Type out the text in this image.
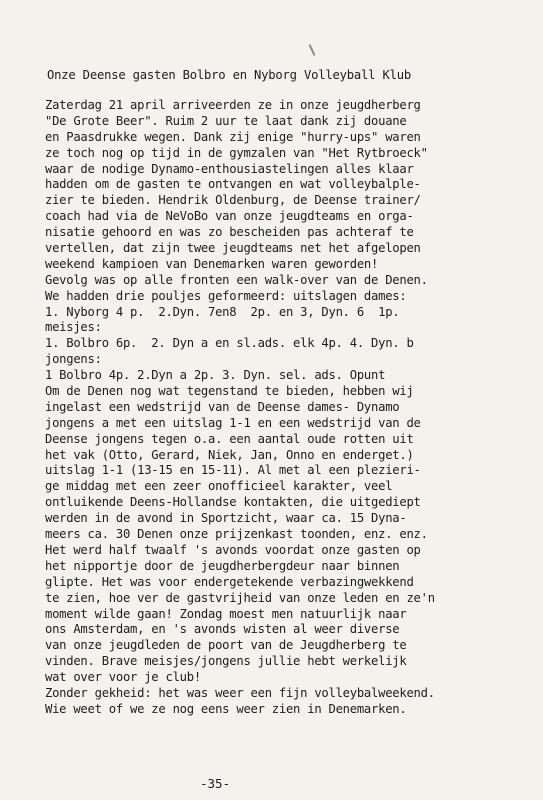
Onze Deense gasten Bolbro en Nyborg Volleyball Klub
Zaterdag 21 april arriveerden ze in onze jeugdherberg
"De Grote Beer". Ruim 2 uur te laat dank zij douane
en Paasdrukke wegen. Dank zij enige "hurry-ups" waren
ze toch nog op tijd in de gymzalen van "Het Rytbroeck"
waar de nodige Dynamo-enthousiastelingen alles klaar
hadden om de gasten te ontvangen en wat volleybalple-
zier te bieden. Hendrik Oldenburg, de Deense trainer/
coach had via de NeVoBo van onze jeugdteams en orga-
nisatie gehoord en was zo bescheiden pas achteraf te
vertellen, dat zijn twee jeugdteams net het afgelopen
weekend kampioen van Denemarken waren geworden!
Gevolg was op alle fronten een walk-over van de Denen.
We hadden drie pouljes geformeerd: uitslagen dames:
1. Nyborg 4 p.  2.Dyn. 7en8  2p. en 3, Dyn. 6  1p.
meisjes:
1. Bolbro 6p.  2. Dyn a en sl.ads. elk 4p. 4. Dyn. b
jongens:
1 Bolbro 4p. 2.Dyn a 2p. 3. Dyn. sel. ads. Opunt
Om de Denen nog wat tegenstand te bieden, hebben wij
ingelast een wedstrijd van de Deense dames- Dynamo
jongens a met een uitslag 1-1 en een wedstrijd van de
Deense jongens tegen o.a. een aantal oude rotten uit
het vak (Otto, Gerard, Niek, Jan, Onno en enderget.)
uitslag 1-1 (13-15 en 15-11). Al met al een plezieri-
ge middag met een zeer onofficieel karakter, veel
ontluikende Deens-Hollandse kontakten, die uitgediept
werden in de avond in Sportzicht, waar ca. 15 Dyna-
meers ca. 30 Denen onze prijzenkast toonden, enz. enz.
Het werd half twaalf 's avonds voordat onze gasten op
het nipportje door de jeugdherbergdeur naar binnen
glipte. Het was voor endergetekende verbazingwekkend
te zien, hoe ver de gastvrijheid van onze leden en ze'n
moment wilde gaan! Zondag moest men natuurlijk naar
ons Amsterdam, en 's avonds wisten al weer diverse
van onze jeugdleden de poort van de Jeugdherberg te
vinden. Brave meisjes/jongens jullie hebt werkelijk
wat over voor je club!
Zonder gekheid: het was weer een fijn volleybalweekend.
Wie weet of we ze nog eens weer zien in Denemarken.
-35-
